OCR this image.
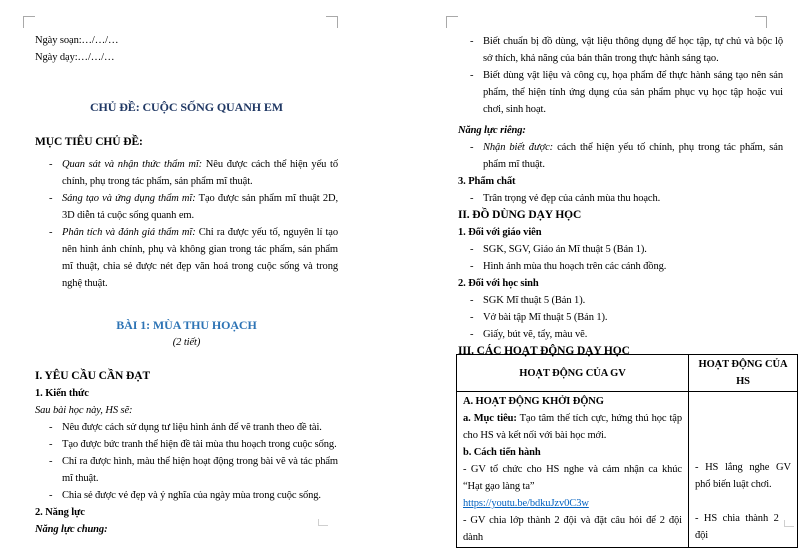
Ngày soạn:…/…/…

Ngày dạy:…/…/…

CHỦ ĐỀ: CUỘC SỐNG QUANH EM
MỤC TIÊU CHỦ ĐỀ:
- Quan sát và nhận thức thẩm mĩ: Nêu được cách thể hiện yếu tố chính, phụ trong tác phẩm, sản phẩm mĩ thuật.
- Sáng tạo và ứng dụng thẩm mĩ: Tạo được sản phẩm mĩ thuật 2D, 3D diễn tả cuộc sống quanh em.
- Phân tích và đánh giá thẩm mĩ: Chỉ ra được yếu tố, nguyên lí tạo nên hình ảnh chính, phụ và không gian trong tác phẩm, sản phẩm mĩ thuật, chia sẻ được nét đẹp văn hoá trong cuộc sống và trong nghệ thuật.
BÀI 1: MÙA THU HOẠCH

(2 tiết)

I. YÊU CẦU CẦN ĐẠT
1. Kiến thức

Sau bài học này, HS sẽ:

- Nêu được cách sử dụng tư liệu hình ảnh để vẽ tranh theo đề tài.
- Tạo được bức tranh thể hiện đề tài mùa thu hoạch trong cuộc sống.
- Chỉ ra được hình, màu thể hiện hoạt động trong bài vẽ và tác phẩm mĩ thuật.
- Chia sẻ được vẻ đẹp và ý nghĩa của ngày mùa trong cuộc sống.
2. Năng lực

Năng lực chung:

- Biết chuẩn bị đồ dùng, vật liệu thông dụng để học tập, tự chủ và bộc lộ sở thích, khả năng của bản thân trong thực hành sáng tạo.
- Biết dùng vật liệu và công cụ, họa phẩm để thực hành sáng tạo nên sản phẩm, thể hiện tính ứng dụng của sản phẩm phục vụ học tập hoặc vui chơi, sinh hoạt.

Năng lực riêng:

- Nhận biết được: cách thể hiện yếu tố chính, phụ trong tác phẩm, sản phẩm mĩ thuật.
3. Phẩm chất
- Trân trọng vẻ đẹp của cảnh mùa thu hoạch.
II. ĐỒ DÙNG DẠY HỌC
1. Đối với giáo viên
- SGK, SGV, Giáo án Mĩ thuật 5 (Bản 1).
- Hình ảnh mùa thu hoạch trên các cánh đồng.
2. Đối với học sinh
- SGK Mĩ thuật 5 (Bản 1).
- Vở bài tập Mĩ thuật 5 (Bản 1).
- Giấy, bút vẽ, tẩy, màu vẽ.
III. CÁC HOẠT ĐỘNG DẠY HỌC
HOẠT ĐỘNG CỦA GV	HOẠT ĐỘNG CỦA HS

A. HOẠT ĐỘNG KHỞI ĐỘNG

a. Mục tiêu: Tạo tâm thế tích cực, hứng thú học tập cho HS và kết nối với bài học mới.

b. Cách tiến hành

- GV tổ chức cho HS nghe và cảm nhận ca khúc “Hạt gạo làng ta”

https://youtu.be/bdkuJzv0C3w

- GV chia lớp thành 2 đội và đặt câu hỏi để 2 đội dành

- HS lắng nghe GV phổ biến luật chơi.

- HS chia thành 2 đội
